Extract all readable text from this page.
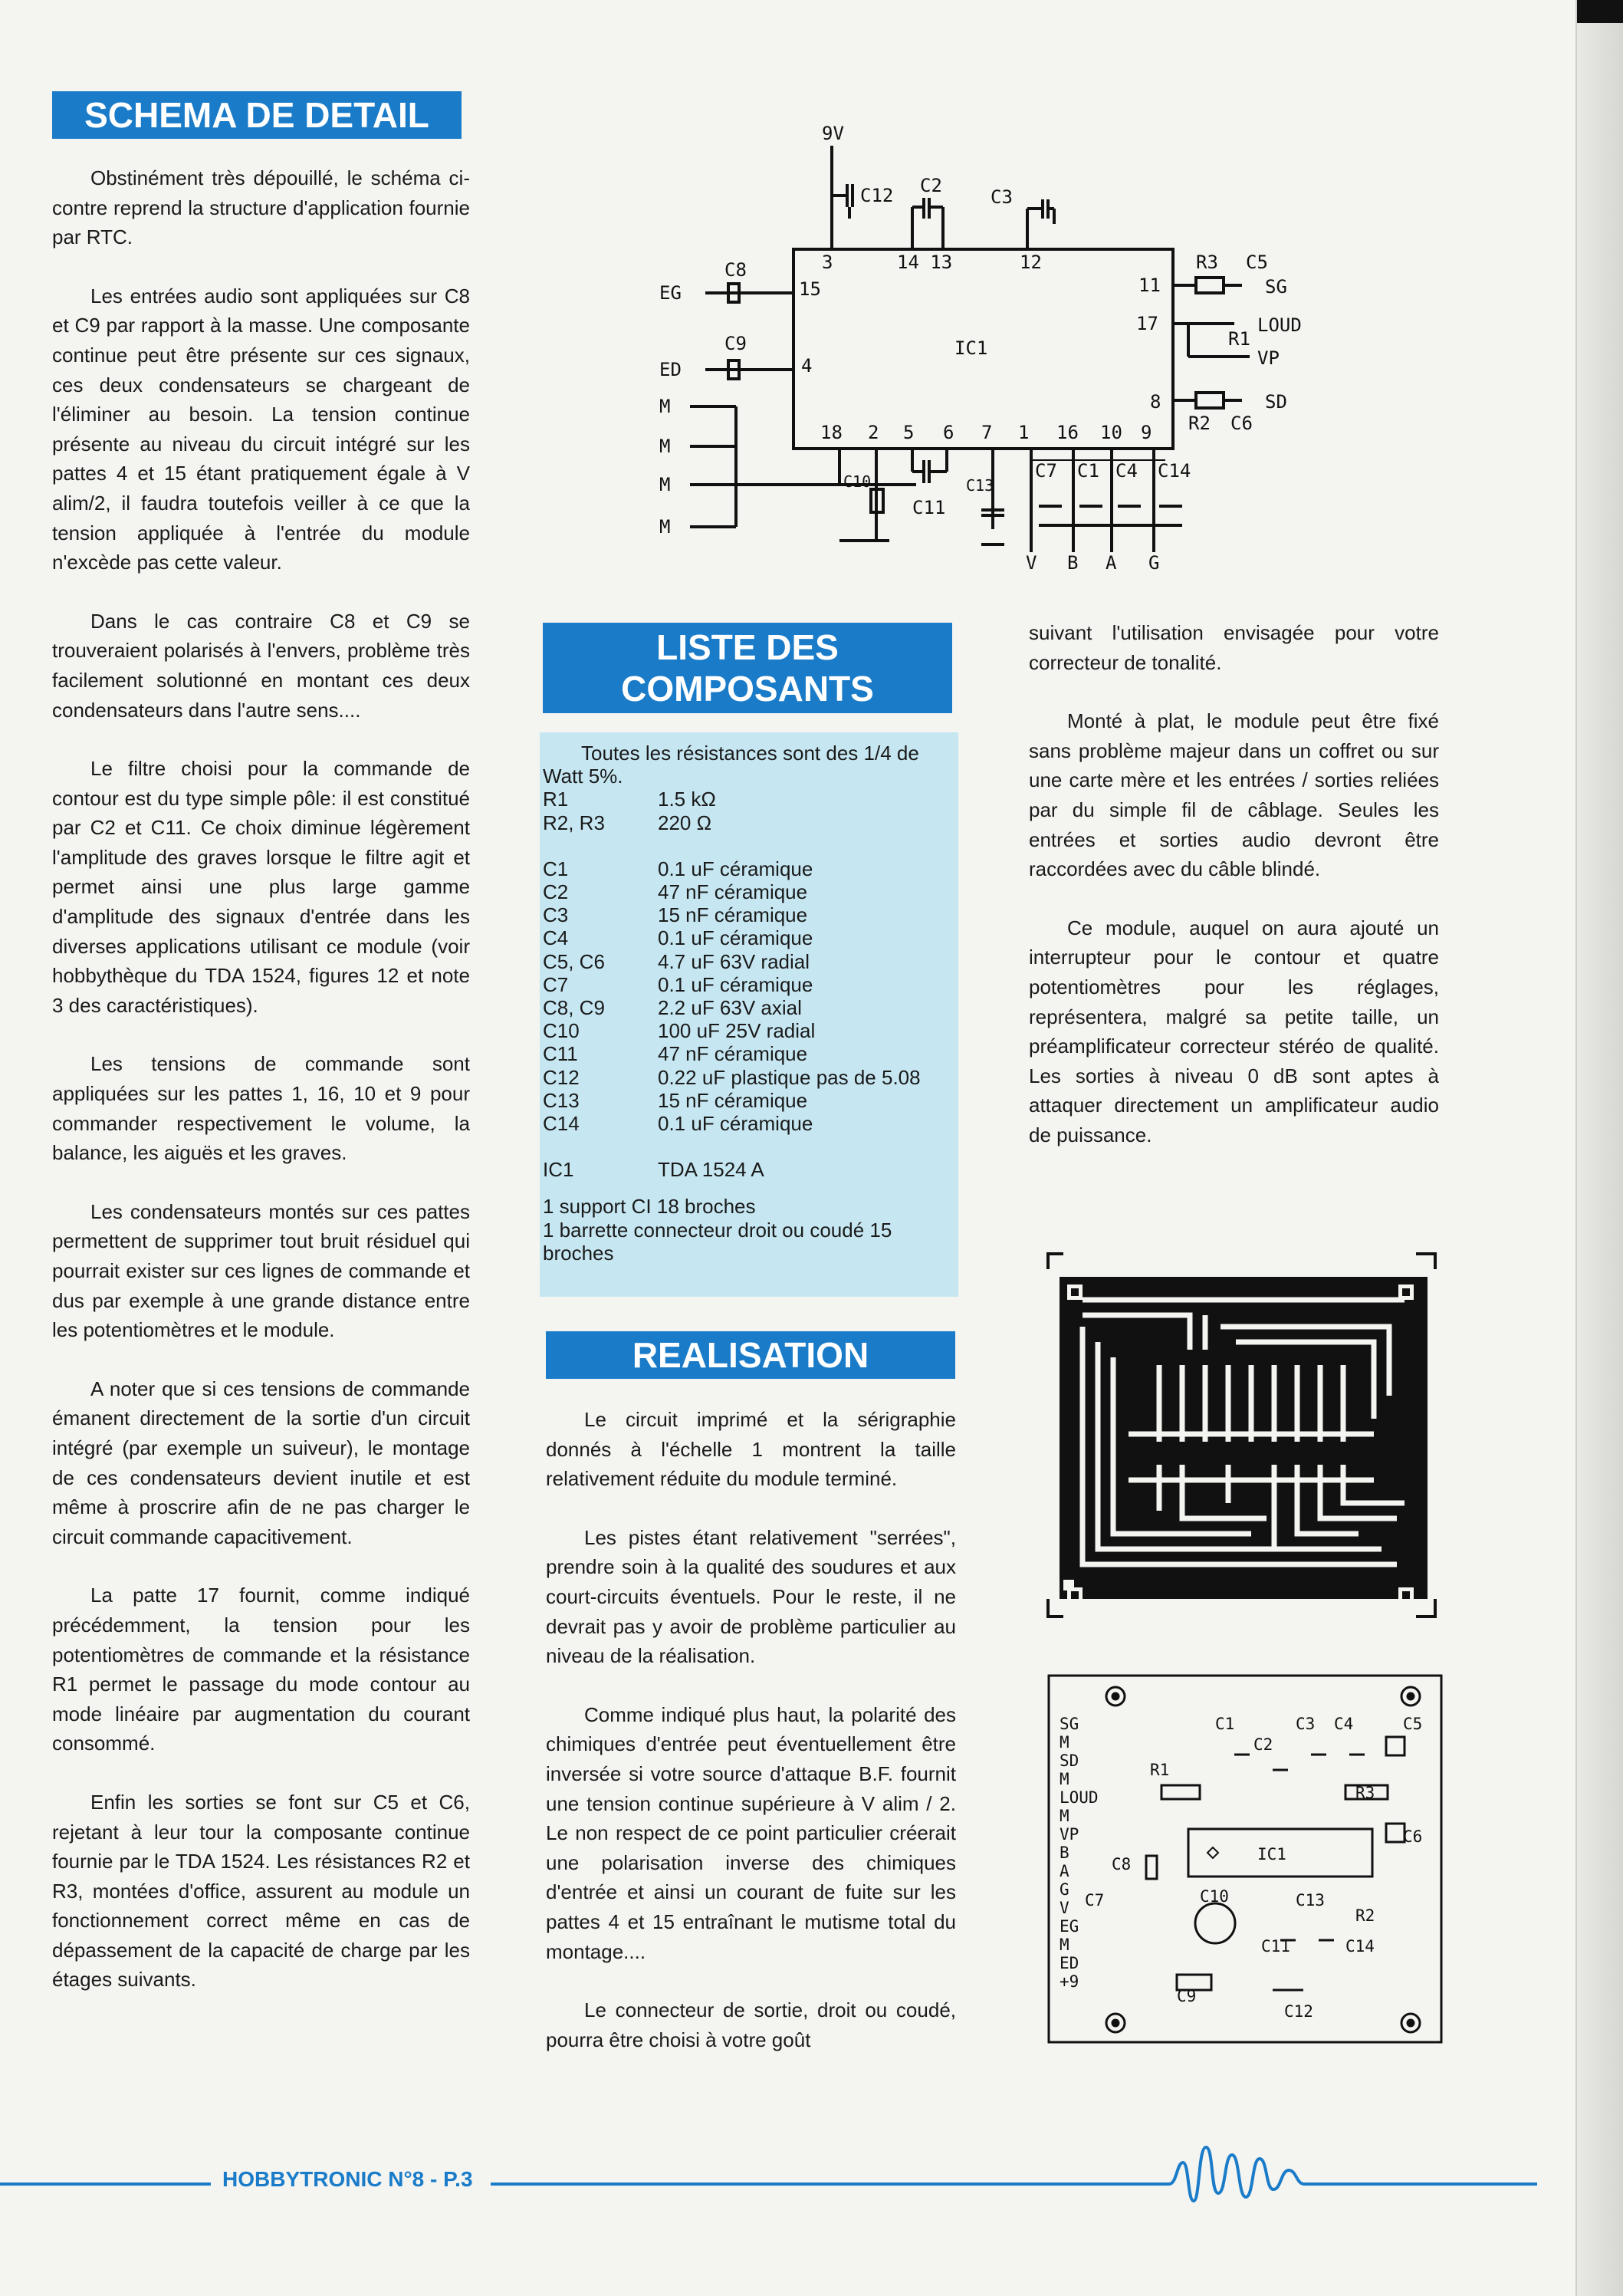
SCHEMA DE DETAIL
LISTE DES
COMPOSANTS
REALISATION

Obstinément très dépouillé, le schéma ci-contre reprend la structure d'application fournie par RTC.

Les entrées audio sont appliquées sur C8 et C9 par rapport à la masse. Une composante continue peut être présente sur ces signaux, ces deux condensateurs se chargeant de l'éliminer au besoin. La tension continue présente au niveau du circuit intégré sur les pattes 4 et 15 étant pratiquement égale à V alim/2, il faudra toutefois veiller à ce que la tension appliquée à l'entrée du module n'excède pas cette valeur.

Dans le cas contraire C8 et C9 se trouveraient polarisés à l'envers, problème très facilement solutionné en montant ces deux condensateurs dans l'autre sens....

Le filtre choisi pour la commande de contour est du type simple pôle: il est constitué par C2 et C11. Ce choix diminue légèrement l'amplitude des graves lorsque le filtre agit et permet ainsi une plus large gamme d'amplitude des signaux d'entrée dans les diverses applications utilisant ce module (voir hobbythèque du TDA 1524, figures 12 et note 3 des caractéristiques).

Les tensions de commande sont appliquées sur les pattes 1, 16, 10 et 9 pour commander respectivement le volume, la balance, les aiguës et les graves.

Les condensateurs montés sur ces pattes permettent de supprimer tout bruit résiduel qui pourrait exister sur ces lignes de commande et dus par exemple à une grande distance entre les potentiomètres et le module.

A noter que si ces tensions de commande émanent directement de la sortie d'un circuit intégré (par exemple un suiveur), le montage de ces condensateurs devient inutile et est même à proscrire afin de ne pas charger le circuit commande capacitivement.

La patte 17 fournit, comme indiqué précédemment, la tension pour les potentiomètres de commande et la résistance R1 permet le passage du mode contour au mode linéaire par augmentation du courant consommé.

Enfin les sorties se font sur C5 et C6, rejetant à leur tour la composante continue fournie par le TDA 1524. Les résistances R2 et R3, montées d'office, assurent au module un fonctionnement correct même en cas de dépassement de la capacité de charge par les étages suivants.

Toutes les résistances sont des 1/4 de Watt 5%.
R1	1.5 kΩ
R2, R3	220 Ω

C1	0.1 uF céramique
C2	47 nF céramique
C3	15 nF céramique
C4	0.1 uF céramique
C5, C6	4.7 uF 63V radial
C7	0.1 uF céramique
C8, C9	2.2 uF 63V axial
C10	100 uF 25V radial
C11	47 nF céramique
C12	0.22 uF plastique pas de 5.08
C13	15 nF céramique
C14	0.1 uF céramique

IC1	TDA 1524 A
1 support CI 18 broches
1 barrette connecteur droit ou coudé 15 broches

Le circuit imprimé et la sérigraphie donnés à l'échelle 1 montrent la taille relativement réduite du module terminé.

Les pistes étant relativement "serrées", prendre soin à la qualité des soudures et aux court-circuits éventuels. Pour le reste, il ne devrait pas y avoir de problème particulier au niveau de la réalisation.

Comme indiqué plus haut, la polarité des chimiques d'entrée peut éventuellement être inversée si votre source d'attaque B.F. fournit une tension continue supérieure à V alim / 2. Le non respect de ce point particulier créerait une polarisation inverse des chimiques d'entrée et ainsi un courant de fuite sur les pattes 4 et 15 entraînant le mutisme total du montage....

Le connecteur de sortie, droit ou coudé, pourra être choisi à votre goût

suivant l'utilisation envisagée pour votre correcteur de tonalité.

Monté à plat, le module peut être fixé sans problème majeur dans un coffret ou sur une carte mère et les entrées / sorties reliées par du simple fil de câblage. Seules les entrées et sorties audio devront être raccordées avec du câble blindé.

Ce module, auquel on aura ajouté un interrupteur pour le contour et quatre potentiomètres pour les réglages, représentera, malgré sa petite taille, un préamplificateur correcteur stéréo de qualité. Les sorties à niveau 0 dB sont aptes à attaquer directement un amplificateur audio de puissance.

IC1
3	14 13	12
15
4
11
17
8
18 2 5 6 7 1 16 10 9
9V
C12 C2
C3
EG
C8
ED
C9
M
M
M
M
R3 C5
SG
LOUD
R1
VP
SD
R2 C6
C10
C11
C13
C7 C1 C4 C14
V B A G
SG
M
SD
M
LOUD
M
VP
B
A
G
V
EG
M
ED
+9
IC1
C1
C2
C3 C4	C5
R1
R3
C6
C8
C7	C10	C13
R2
C11	C14
C9
C12
HOBBYTRONIC N°8 - P.3
